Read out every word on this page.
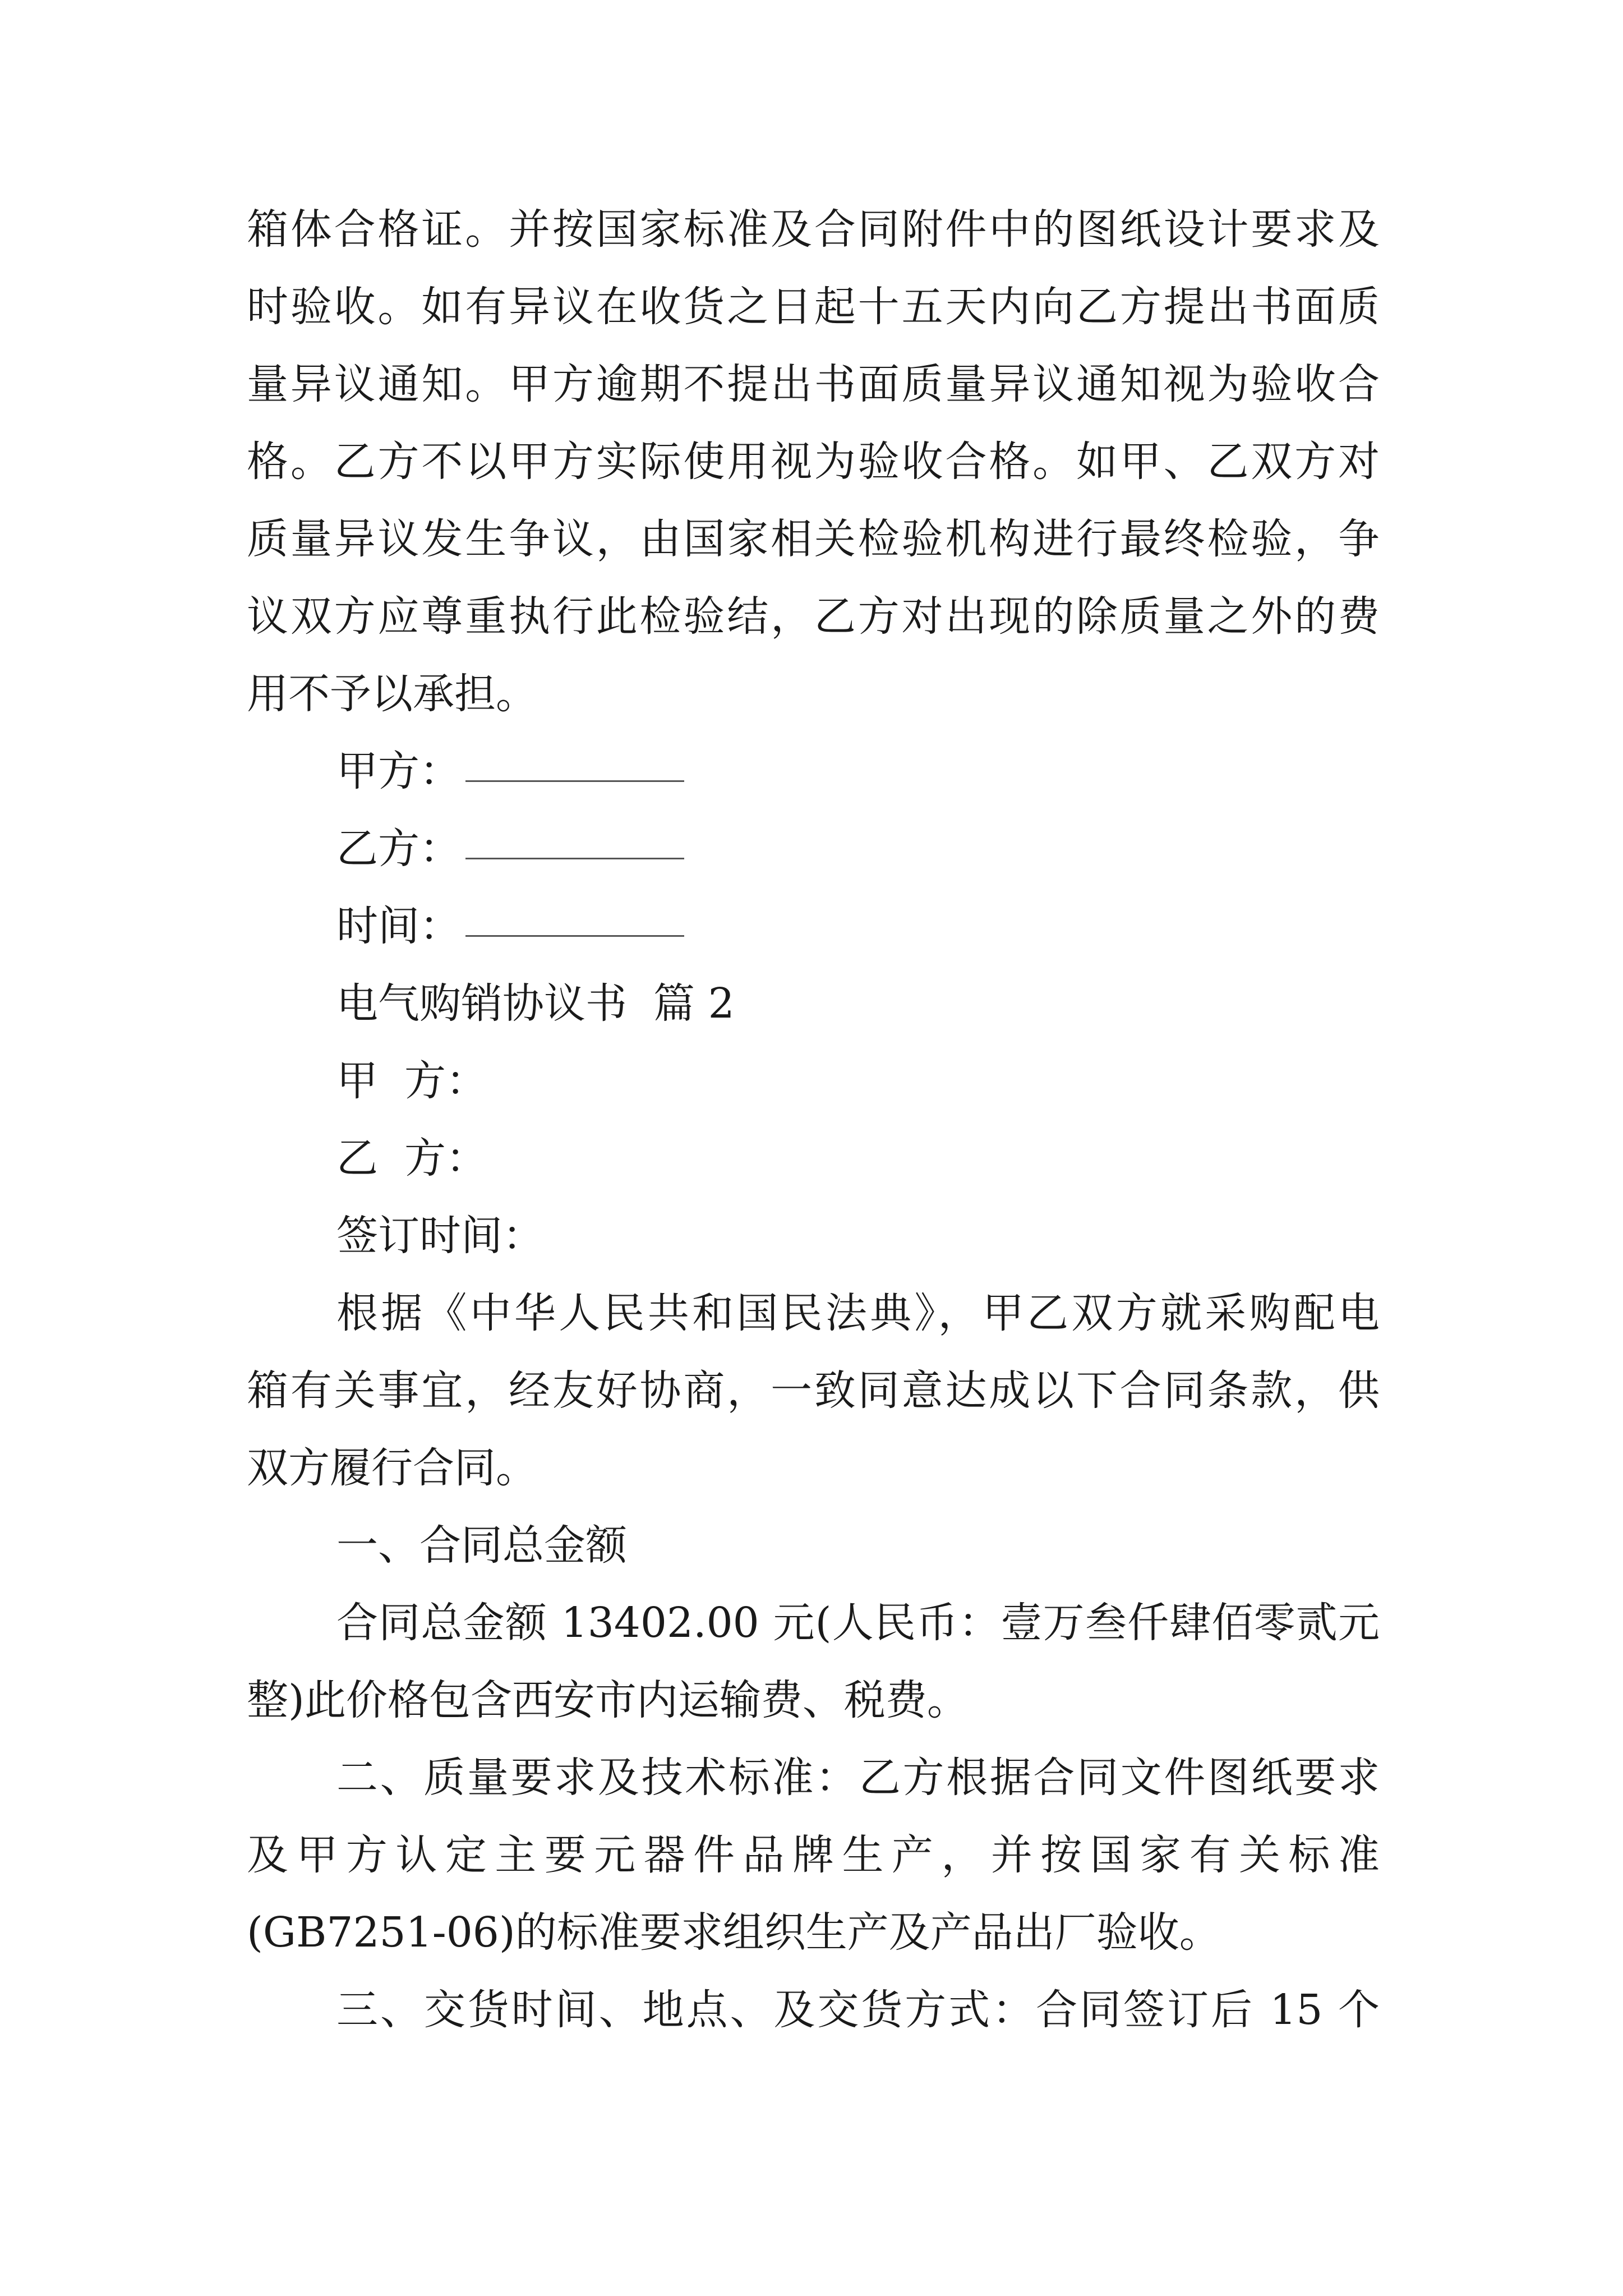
箱体合格证。并按国家标准及合同附件中的图纸设计要求及
时验收。如有异议在收货之日起十五天内向乙方提出书面质
量异议通知。甲方逾期不提出书面质量异议通知视为验收合
格。乙方不以甲方实际使用视为验收合格。如甲、乙双方对
质量异议发生争议，由国家相关检验机构进行最终检验，争
议双方应尊重执行此检验结，乙方对出现的除质量之外的费
用不予以承担。
甲方：
乙方：
时间：
电气购销协议书  篇 2
甲  方：
乙  方：
签订时间：
根据《中华人民共和国民法典》，甲乙双方就采购配电
箱有关事宜，经友好协商，一致同意达成以下合同条款，供
双方履行合同。
一、合同总金额
合同总金额 13402.00 元(人民币：壹万叁仟肆佰零贰元
整)此价格包含西安市内运输费、税费。
二、质量要求及技术标准：乙方根据合同文件图纸要求
及甲方认定主要元器件品牌生产，并按国家有关标准
(GB7251-06)的标准要求组织生产及产品出厂验收。
三、交货时间、地点、及交货方式：合同签订后 15 个
